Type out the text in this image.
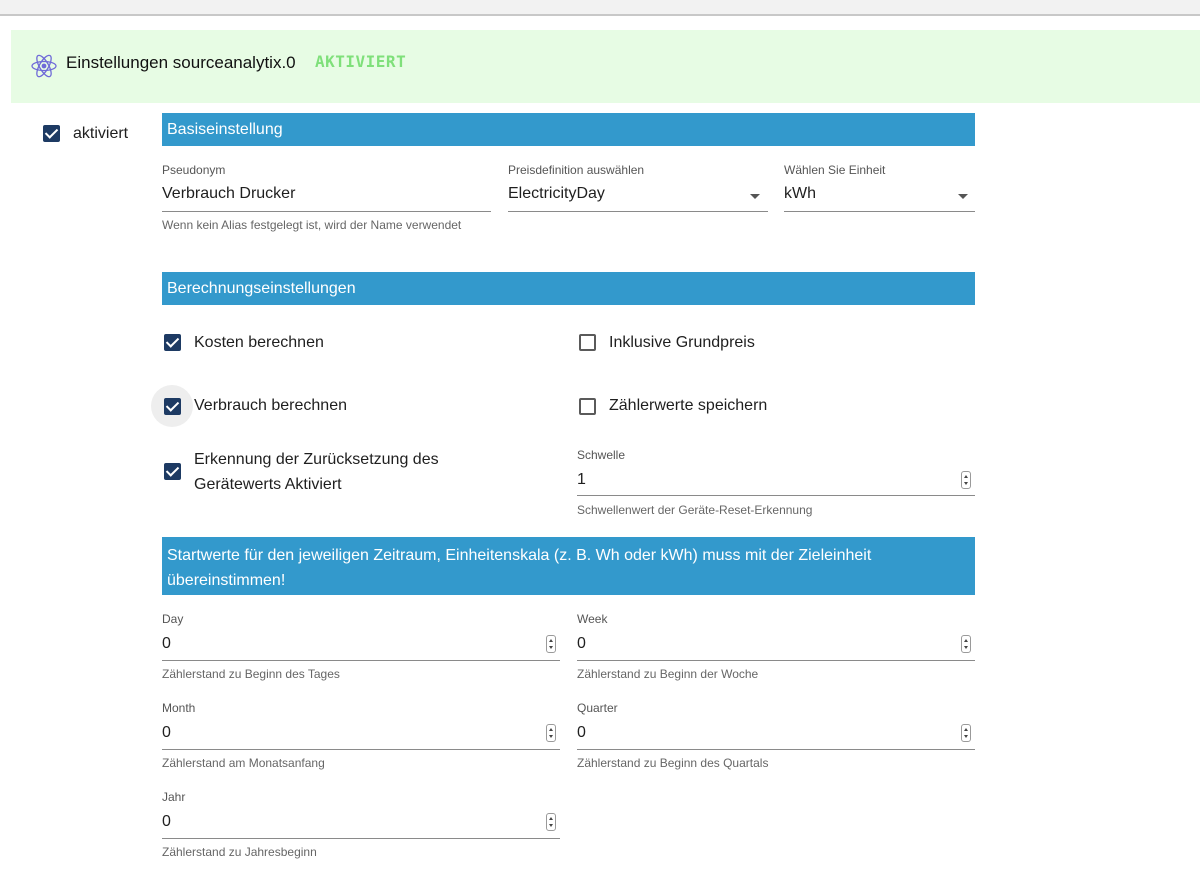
Einstellungen sourceanalytix.0 AKTIVIERT
aktiviert	Basiseinstellung
Pseudonym
Verbrauch Drucker
Wenn kein Alias festgelegt ist, wird der Name verwendet
Preisdefinition auswählen
ElectricityDay
Wählen Sie Einheit
kWh
Berechnungseinstellungen
Kosten berechnen	Inklusive Grundpreis
Verbrauch berechnen	Zählerwerte speichern
Erkennung der Zurücksetzung des
Gerätewerts Aktiviert
Schwelle
1
Schwellenwert der Geräte-Reset-Erkennung
Startwerte für den jeweiligen Zeitraum, Einheitenskala (z. B. Wh oder kWh) muss mit der Zieleinheit
übereinstimmen!
Day
0
Zählerstand zu Beginn des Tages
Week
0
Zählerstand zu Beginn der Woche
Month
0
Zählerstand am Monatsanfang
Quarter
0
Zählerstand zu Beginn des Quartals
Jahr
0
Zählerstand zu Jahresbeginn
